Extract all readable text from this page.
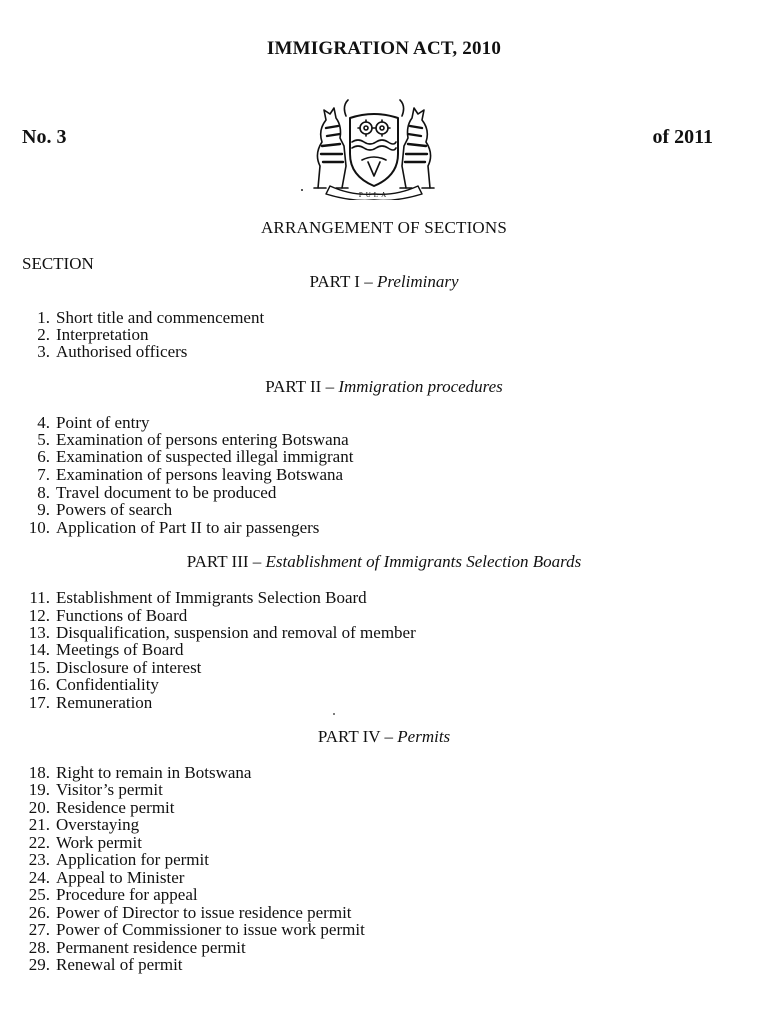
IMMIGRATION ACT, 2010
No. 3	of 2011
PULA
ARRANGEMENT OF SECTIONS
SECTION
PART I – Preliminary
1. Short title and commencement
2. Interpretation
3. Authorised officers
PART II – Immigration procedures
4. Point of entry
5. Examination of persons entering Botswana
6. Examination of suspected illegal immigrant
7. Examination of persons leaving Botswana
8. Travel document to be produced
9. Powers of search
10. Application of Part II to air passengers
PART III – Establishment of Immigrants Selection Boards
11. Establishment of Immigrants Selection Board
12. Functions of Board
13. Disqualification, suspension and removal of member
14. Meetings of Board
15. Disclosure of interest
16. Confidentiality
17. Remuneration
PART IV – Permits
18. Right to remain in Botswana
19. Visitor’s permit
20. Residence permit
21. Overstaying
22. Work permit
23. Application for permit
24. Appeal to Minister
25. Procedure for appeal
26. Power of Director to issue residence permit
27. Power of Commissioner to issue work permit
28. Permanent residence permit
29. Renewal of permit
